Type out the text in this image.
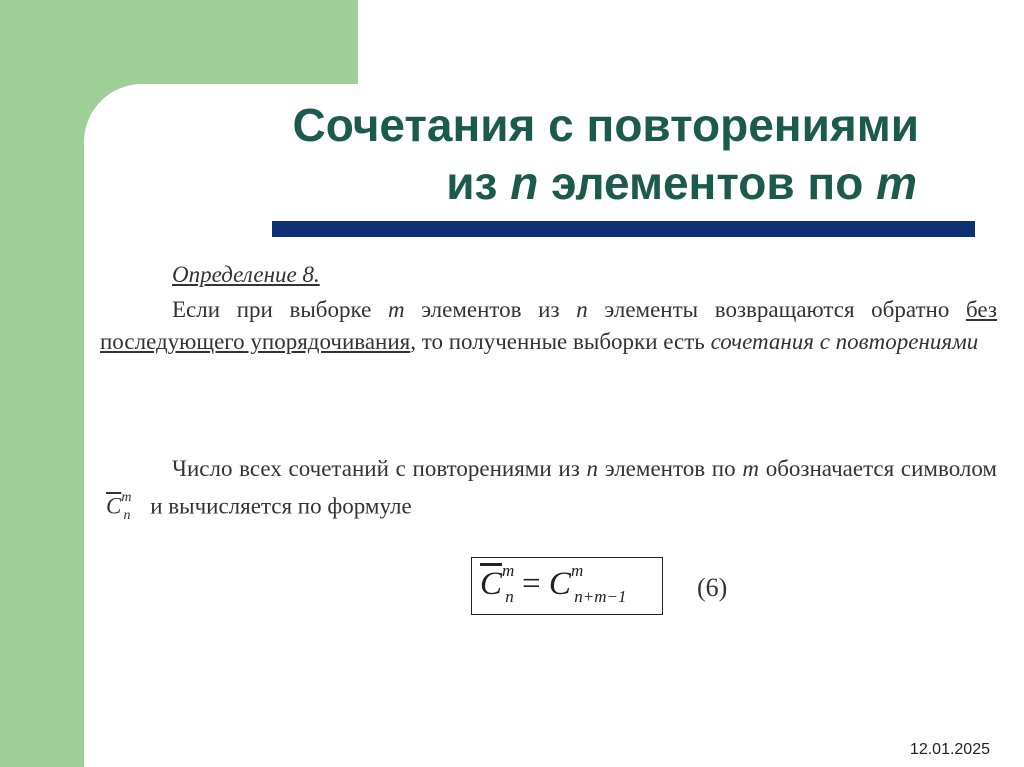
Сочетания с повторениями
из n элементов по m
Определение 8.
Если при выборке m элементов из n элементы возвращаются обратно без последующего упорядочивания, то полученные выборки есть сочетания с повторениями
Число всех сочетаний с повторениями из n элементов по m обозначается символом $\overline{C}^m_n$ и вычисляется по формуле
$\overline{C}^m_n = C^m_{n+m-1}$	(6)
12.01.2025
